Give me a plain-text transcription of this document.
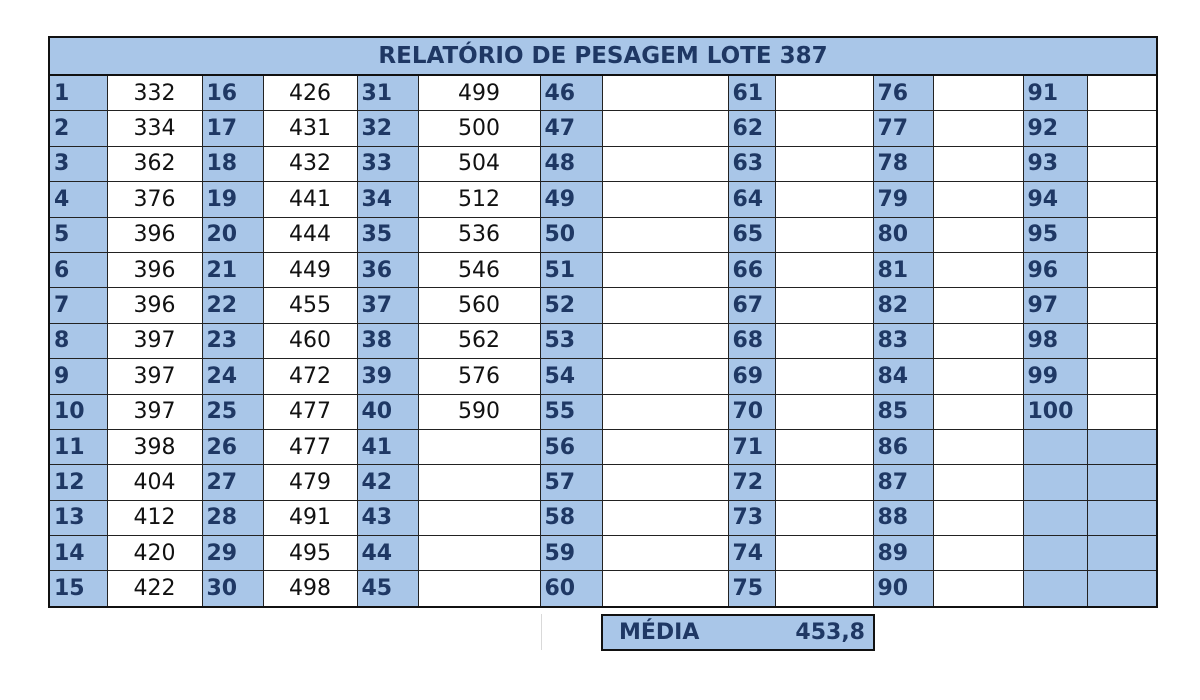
RELATÓRIO DE PESAGEM LOTE 387													
1	332	16	426	31	499	46		61		76		91	
2	334	17	431	32	500	47		62		77		92	
3	362	18	432	33	504	48		63		78		93	
4	376	19	441	34	512	49		64		79		94	
5	396	20	444	35	536	50		65		80		95	
6	396	21	449	36	546	51		66		81		96	
7	396	22	455	37	560	52		67		82		97	
8	397	23	460	38	562	53		68		83		98	
9	397	24	472	39	576	54		69		84		99	
10	397	25	477	40	590	55		70		85		100	
11	398	26	477	41		56		71		86			
12	404	27	479	42		57		72		87			
13	412	28	491	43		58		73		88			
14	420	29	495	44		59		74		89			
15	422	30	498	45		60		75		90			
MÉDIA	453,8
